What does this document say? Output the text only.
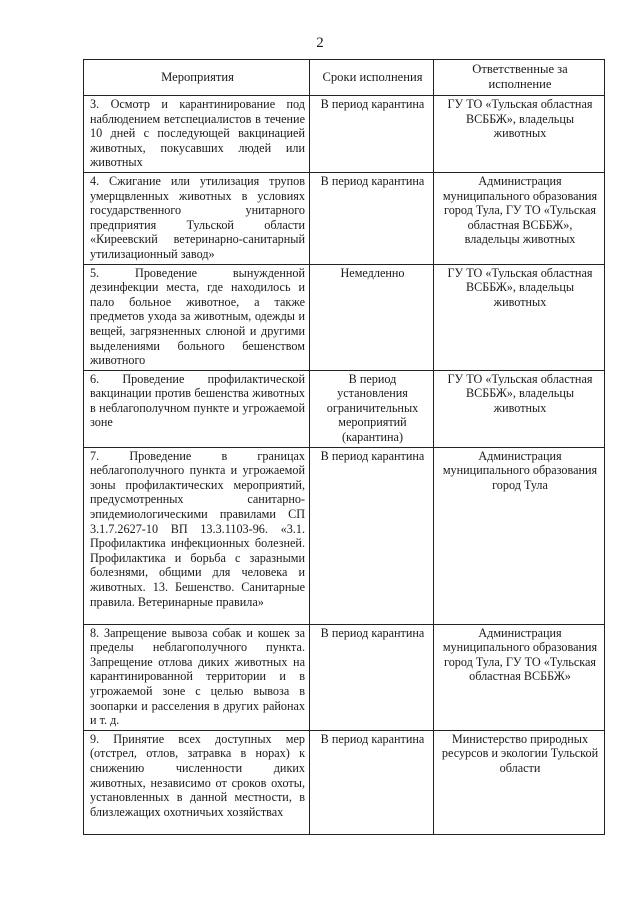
2
Мероприятия	Сроки исполнения	Ответственные за исполнение
3. Осмотр и карантинирование под наблюдением ветспециалистов в течение 10 дней с последующей вакцинацией животных, покусавших людей или животных	В период карантина	ГУ ТО «Тульская областная ВСББЖ», владельцы животных
4. Сжигание или утилизация трупов умерщвленных животных в условиях государственного унитарного предприятия Тульской области «Киреевский ветеринарно-санитарный утилизационный завод»	В период карантина	Администрация муниципального образования город Тула, ГУ ТО «Тульская областная ВСББЖ», владельцы животных
5. Проведение вынужденной дезинфекции места, где находилось и пало больное животное, а также предметов ухода за животным, одежды и вещей, загрязненных слюной и другими выделениями больного бешенством животного	Немедленно	ГУ ТО «Тульская областная ВСББЖ», владельцы животных
6. Проведение профилактической вакцинации против бешенства животных в неблагополучном пункте и угрожаемой зоне	В период установления ограничительных мероприятий (карантина)	ГУ ТО «Тульская областная ВСББЖ», владельцы животных
7. Проведение в границах неблагополучного пункта и угрожаемой зоны профилактических мероприятий, предусмотренных санитарно-эпидемиологическими правилами СП 3.1.7.2627-10 ВП 13.3.1103-96. «3.1. Профилактика инфекционных болезней. Профилактика и борьба с заразными болезнями, общими для человека и животных. 13. Бешенство. Санитарные правила. Ветеринарные правила»	В период карантина	Администрация муниципального образования город Тула
8. Запрещение вывоза собак и кошек за пределы неблагополучного пункта. Запрещение отлова диких животных на карантинированной территории и в угрожаемой зоне с целью вывоза в зоопарки и расселения в других районах и т. д.	В период карантина	Администрация муниципального образования город Тула, ГУ ТО «Тульская областная ВСББЖ»
9. Принятие всех доступных мер (отстрел, отлов, затравка в норах) к снижению численности диких животных, независимо от сроков охоты, установленных в данной местности, в близлежащих охотничьих хозяйствах	В период карантина	Министерство природных ресурсов и экологии Тульской области
